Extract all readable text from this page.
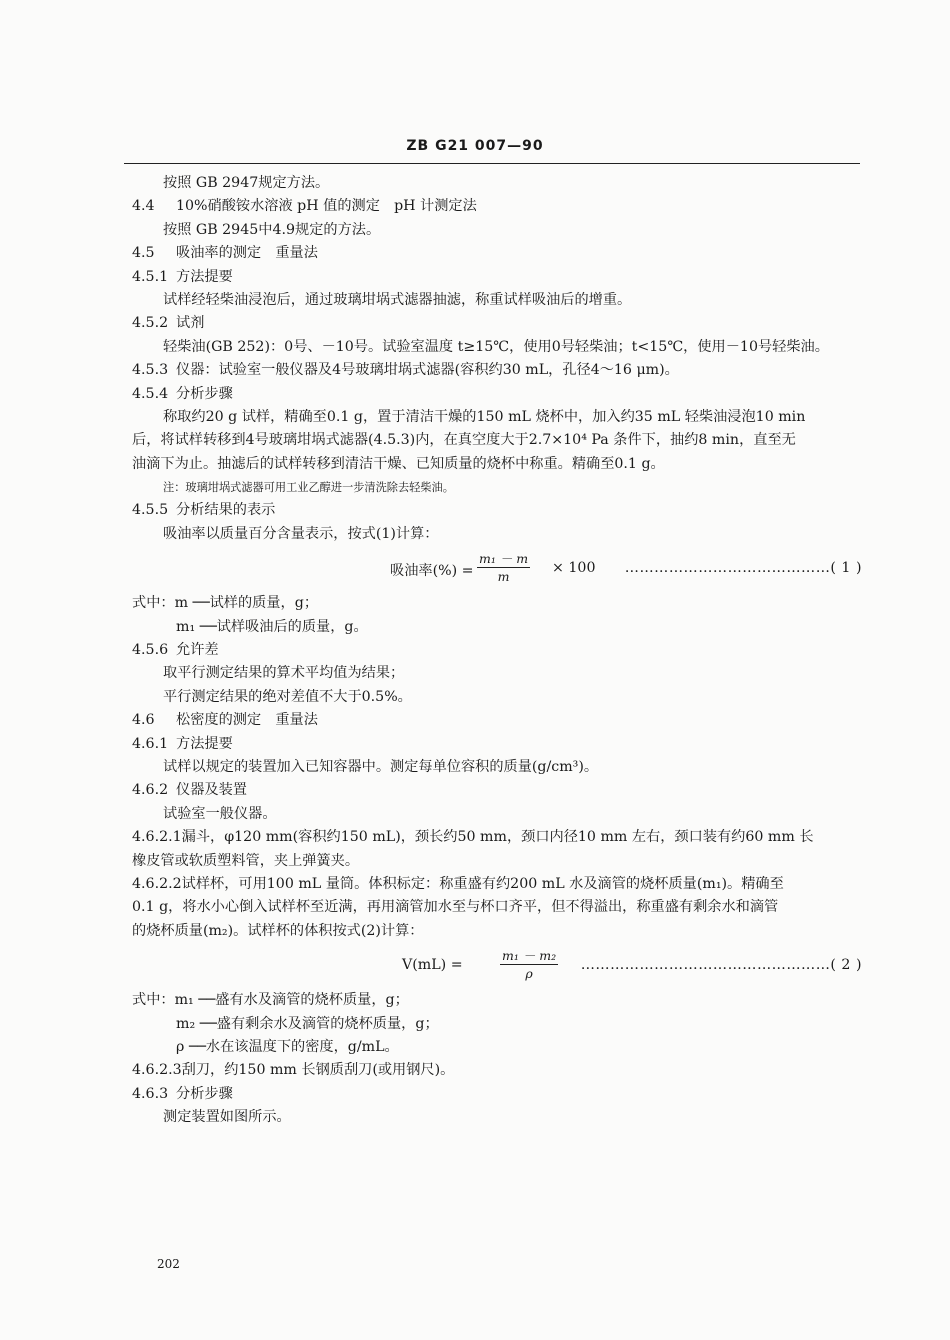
ZB G21 007—90
按照 GB 2947规定方法。
4.4 10%硝酸铵水溶液 pH 值的测定　pH 计测定法
按照 GB 2945中4.9规定的方法。
4.5 吸油率的测定　重量法
4.5.1 方法提要
试样经轻柴油浸泡后，通过玻璃坩埚式滤器抽滤，称重试样吸油后的增重。
4.5.2 试剂
轻柴油(GB 252)：0号、－10号。试验室温度 t≥15℃，使用0号轻柴油；t<15℃，使用－10号轻柴油。
4.5.3 仪器：试验室一般仪器及4号玻璃坩埚式滤器(容积约30 mL，孔径4～16 μm)。
4.5.4 分析步骤
称取约20 g 试样，精确至0.1 g，置于清洁干燥的150 mL 烧杯中，加入约35 mL 轻柴油浸泡10 min
后，将试样转移到4号玻璃坩埚式滤器(4.5.3)内，在真空度大于2.7×10⁴ Pa 条件下，抽约8 min，直至无
油滴下为止。抽滤后的试样转移到清洁干燥、已知质量的烧杯中称重。精确至0.1 g。
注：玻璃坩埚式滤器可用工业乙醇进一步清洗除去轻柴油。
4.5.5 分析结果的表示
吸油率以质量百分含量表示，按式(1)计算：
吸油率(%) =
m₁ － m
m
× 100 ……………………………………( 1 )
式中：m ──试样的质量，g；
m₁ ──试样吸油后的质量，g。
4.5.6 允许差
取平行测定结果的算术平均值为结果；
平行测定结果的绝对差值不大于0.5%。
4.6 松密度的测定　重量法
4.6.1 方法提要
试样以规定的装置加入已知容器中。测定每单位容积的质量(g/cm³)。
4.6.2 仪器及装置
试验室一般仪器。
4.6.2.1漏斗，φ120 mm(容积约150 mL)，颈长约50 mm，颈口内径10 mm 左右，颈口装有约60 mm 长
橡皮管或软质塑料管，夹上弹簧夹。
4.6.2.2试样杯，可用100 mL 量筒。体积标定：称重盛有约200 mL 水及滴管的烧杯质量(m₁)。精确至
0.1 g，将水小心倒入试样杯至近满，再用滴管加水至与杯口齐平，但不得溢出，称重盛有剩余水和滴管
的烧杯质量(m₂)。试样杯的体积按式(2)计算：
V(mL) =
m₁ － m₂
ρ
……………………………………………( 2 )
式中：m₁ ──盛有水及滴管的烧杯质量，g；
m₂ ──盛有剩余水及滴管的烧杯质量，g；
ρ ──水在该温度下的密度，g/mL。
4.6.2.3刮刀，约150 mm 长钢质刮刀(或用钢尺)。
4.6.3 分析步骤
测定装置如图所示。
202
